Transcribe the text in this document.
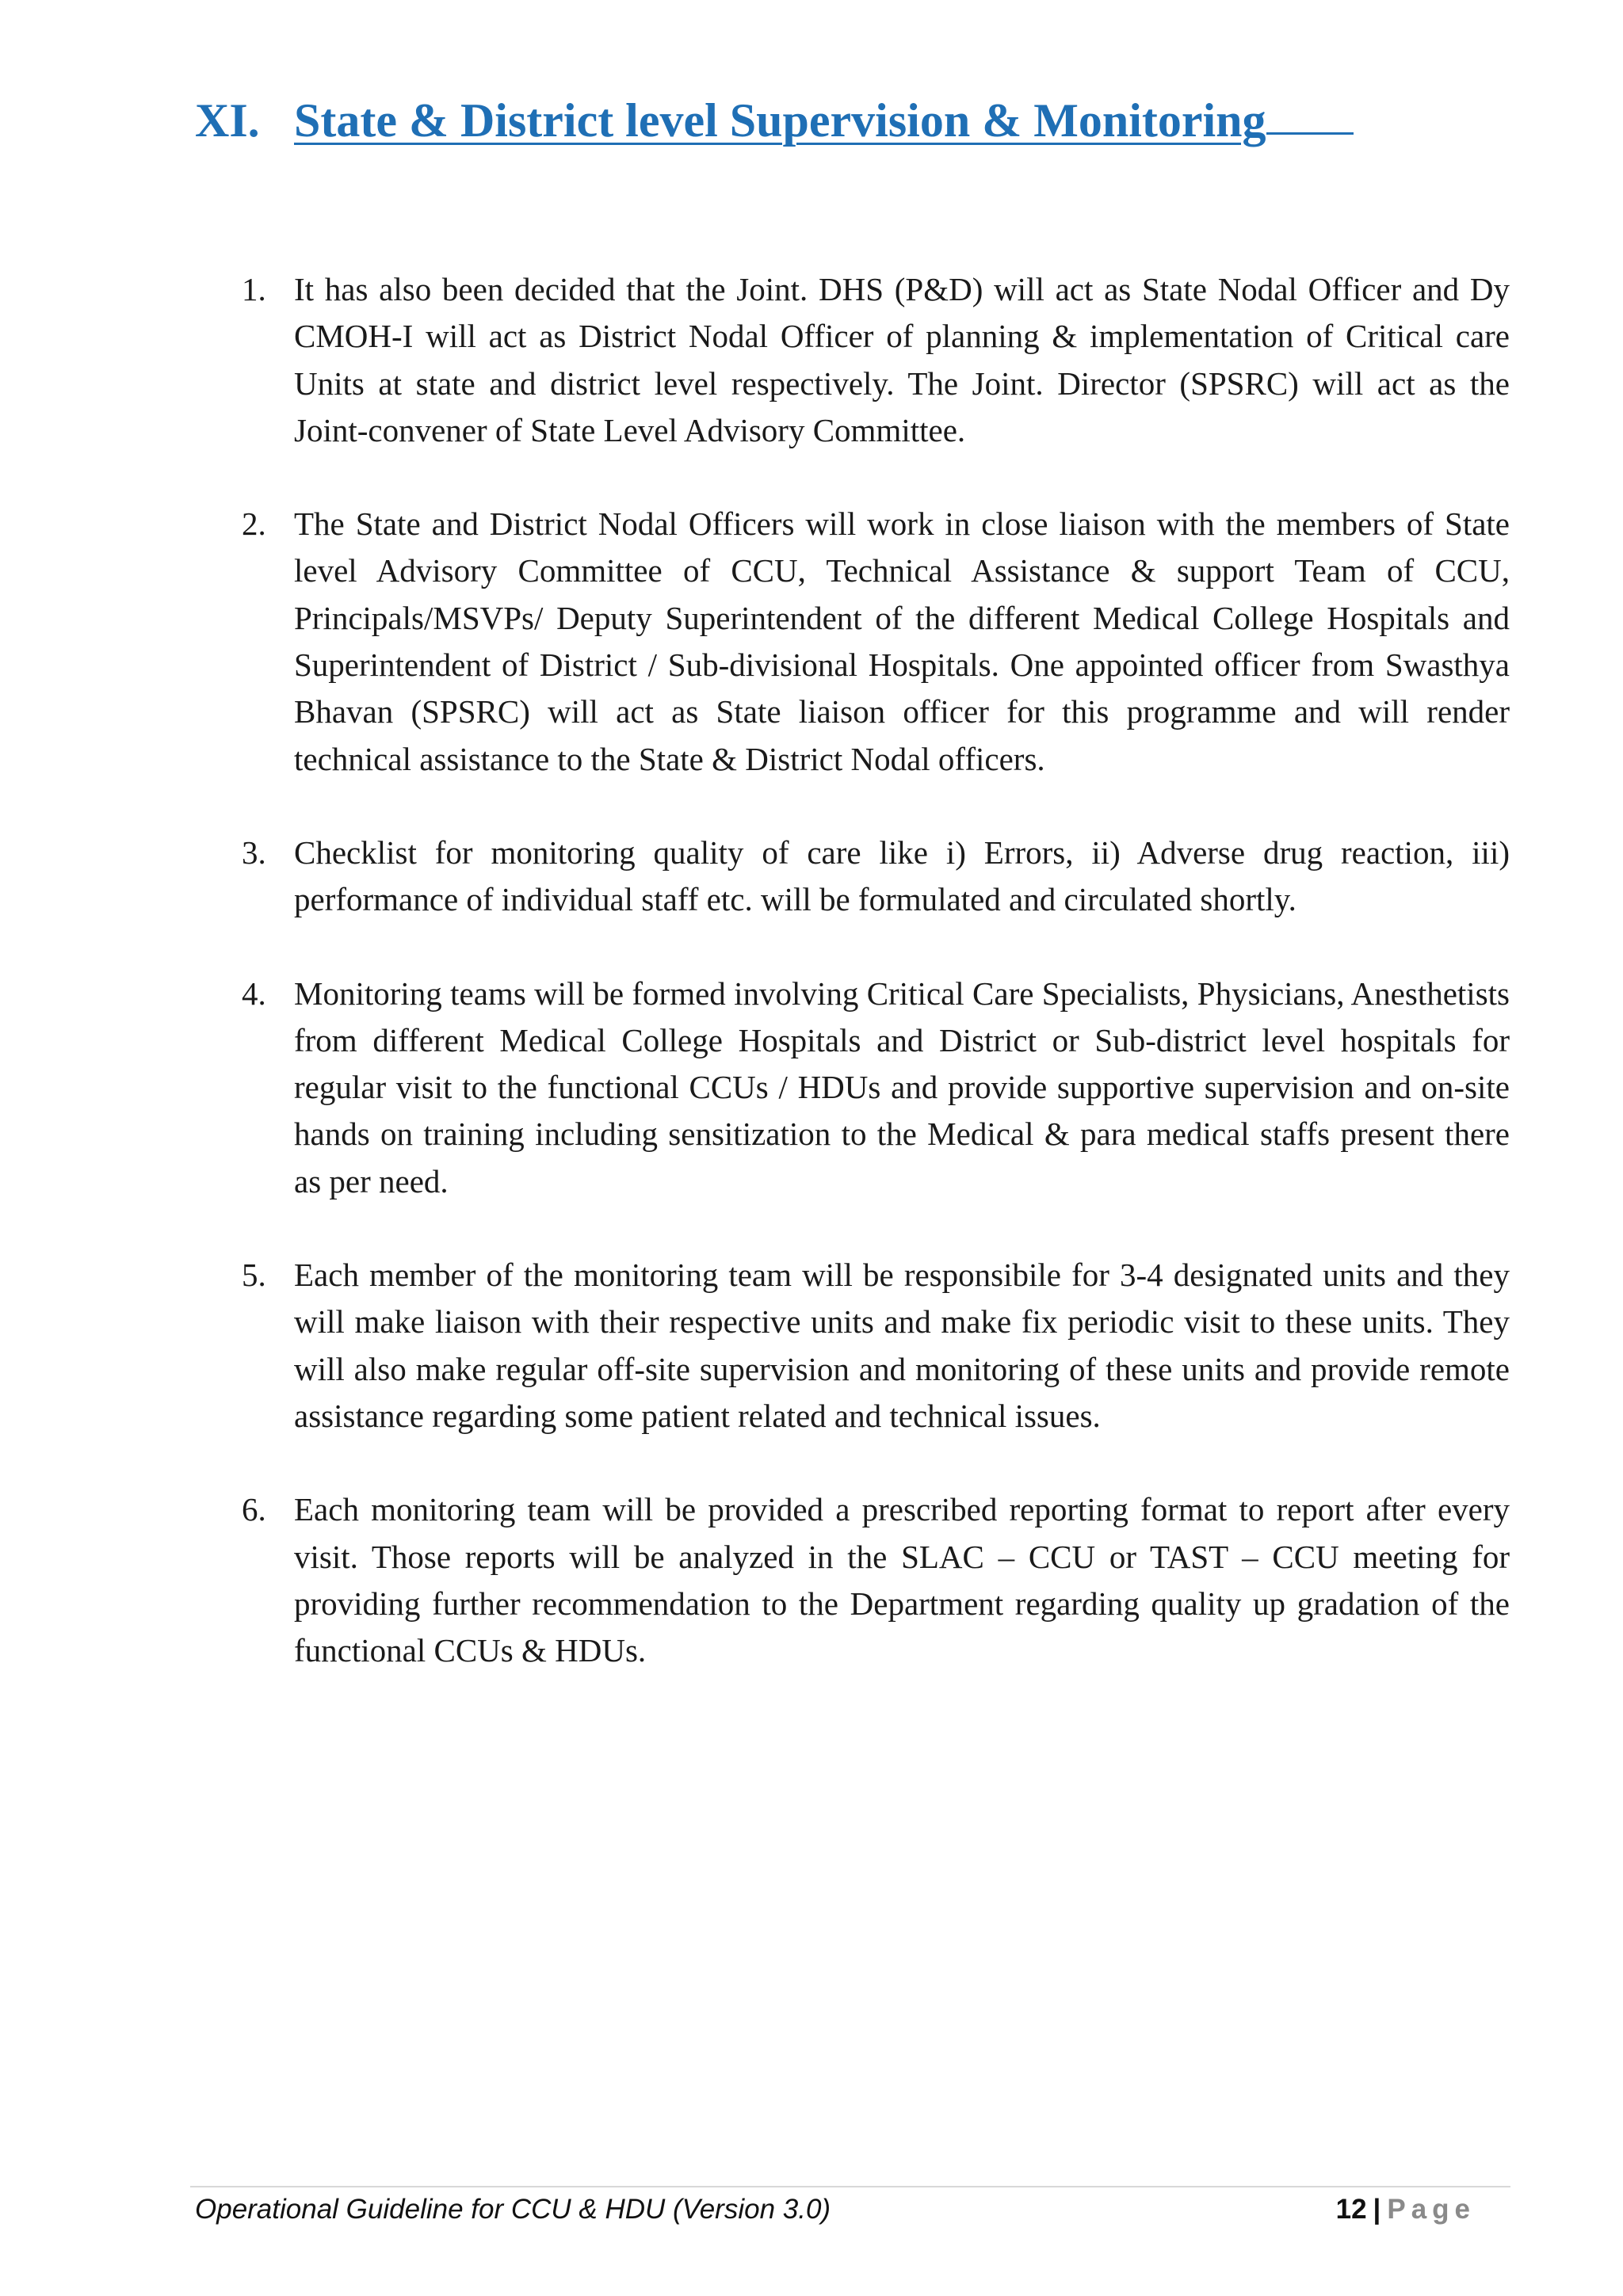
XI. State & District level Supervision & Monitoring
1. It has also been decided that the Joint. DHS (P&D) will act as State Nodal Officer and Dy CMOH-I will act as District Nodal Officer of planning & implementation of Critical care Units at state and district level respectively. The Joint. Director (SPSRC) will act as the Joint-convener of State Level Advisory Committee.
2. The State and District Nodal Officers will work in close liaison with the members of State level Advisory Committee of CCU, Technical Assistance & support Team of CCU, Principals/MSVPs/ Deputy Superintendent of the different Medical College Hospitals and Superintendent of District / Sub-divisional Hospitals. One appointed officer from Swasthya Bhavan (SPSRC) will act as State liaison officer for this programme and will render technical assistance to the State & District Nodal officers.
3. Checklist for monitoring quality of care like i) Errors, ii) Adverse drug reaction, iii) performance of individual staff etc. will be formulated and circulated shortly.
4. Monitoring teams will be formed involving Critical Care Specialists, Physicians, Anesthetists from different Medical College Hospitals and District or Sub-district level hospitals for regular visit to the functional CCUs / HDUs and provide supportive supervision and on-site hands on training including sensitization to the Medical & para medical staffs present there as per need.
5. Each member of the monitoring team will be responsibile for 3-4 designated units and they will make liaison with their respective units and make fix periodic visit to these units. They will also make regular off-site supervision and monitoring of these units and provide remote assistance regarding some patient related and technical issues.
6. Each monitoring team will be provided a prescribed reporting format to report after every visit. Those reports will be analyzed in the SLAC – CCU or TAST – CCU meeting for providing further recommendation to the Department regarding quality up gradation of the functional CCUs & HDUs.
Operational Guideline for CCU & HDU (Version 3.0)	12 | Page
